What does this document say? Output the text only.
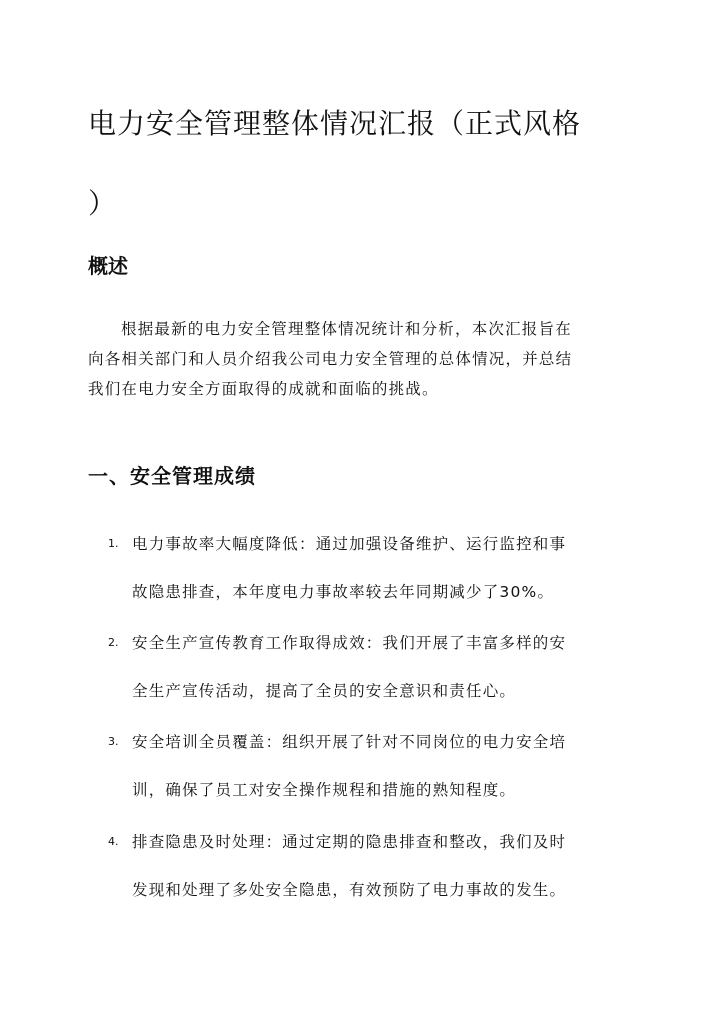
电力安全管理整体情况汇报（正式风格
）
概述

根据最新的电力安全管理整体情况统计和分析，本次汇报旨在
向各相关部门和人员介绍我公司电力安全管理的总体情况，并总结
我们在电力安全方面取得的成就和面临的挑战。

一、安全管理成绩
1. 电力事故率大幅度降低：通过加强设备维护、运行监控和事
故隐患排查，本年度电力事故率较去年同期减少了30%。
2. 安全生产宣传教育工作取得成效：我们开展了丰富多样的安
全生产宣传活动，提高了全员的安全意识和责任心。
3. 安全培训全员覆盖：组织开展了针对不同岗位的电力安全培
训，确保了员工对安全操作规程和措施的熟知程度。
4. 排查隐患及时处理：通过定期的隐患排查和整改，我们及时
发现和处理了多处安全隐患，有效预防了电力事故的发生。
